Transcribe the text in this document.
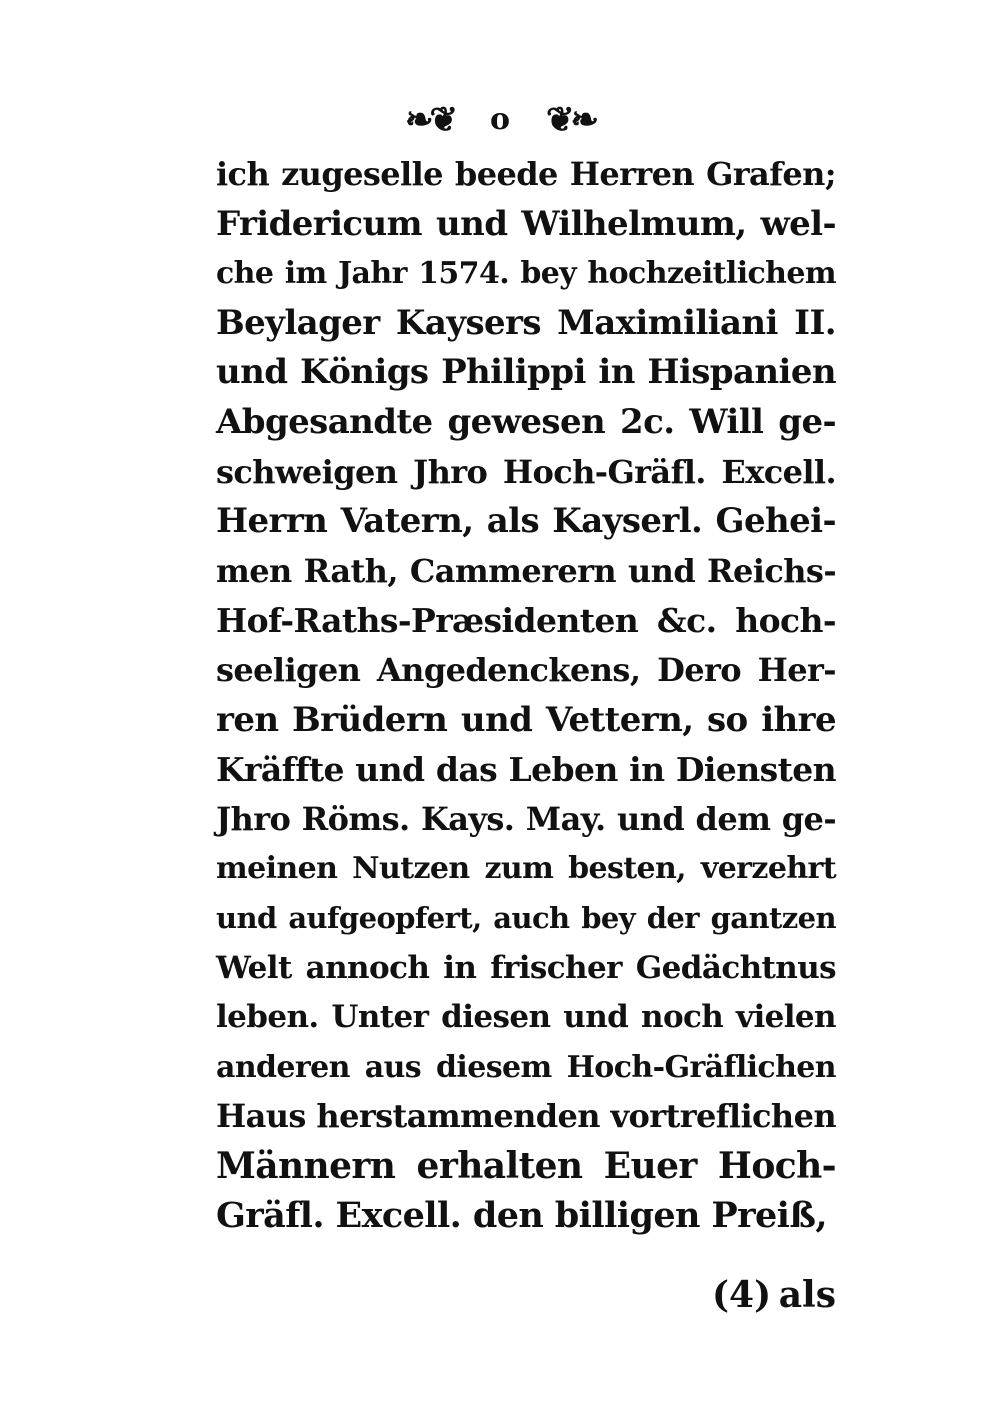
❧❦ o ❦❧
ich zugeselle beede Herren Grafen;
Fridericum und Wilhelmum, wel-
che im Jahr 1574. bey hochzeitlichem
Beylager Kaysers Maximiliani II.
und Königs Philippi in Hispanien
Abgesandte gewesen 2c. Will ge-
schweigen Jhro Hoch-Gräfl. Excell.
Herrn Vatern, als Kayserl. Gehei-
men Rath, Cammerern und Reichs-
Hof-Raths-Præsidenten &c. hoch-
seeligen Angedenckens, Dero Her-
ren Brüdern und Vettern, so ihre
Kräffte und das Leben in Diensten
Jhro Röms. Kays. May. und dem ge-
meinen Nutzen zum besten, verzehrt
und aufgeopfert, auch bey der gantzen
Welt annoch in frischer Gedächtnus
leben. Unter diesen und noch vielen
anderen aus diesem Hoch-Gräflichen
Haus herstammenden vortreflichen
Männern erhalten Euer Hoch-
Gräfl. Excell. den billigen Preiß,
(4) als
